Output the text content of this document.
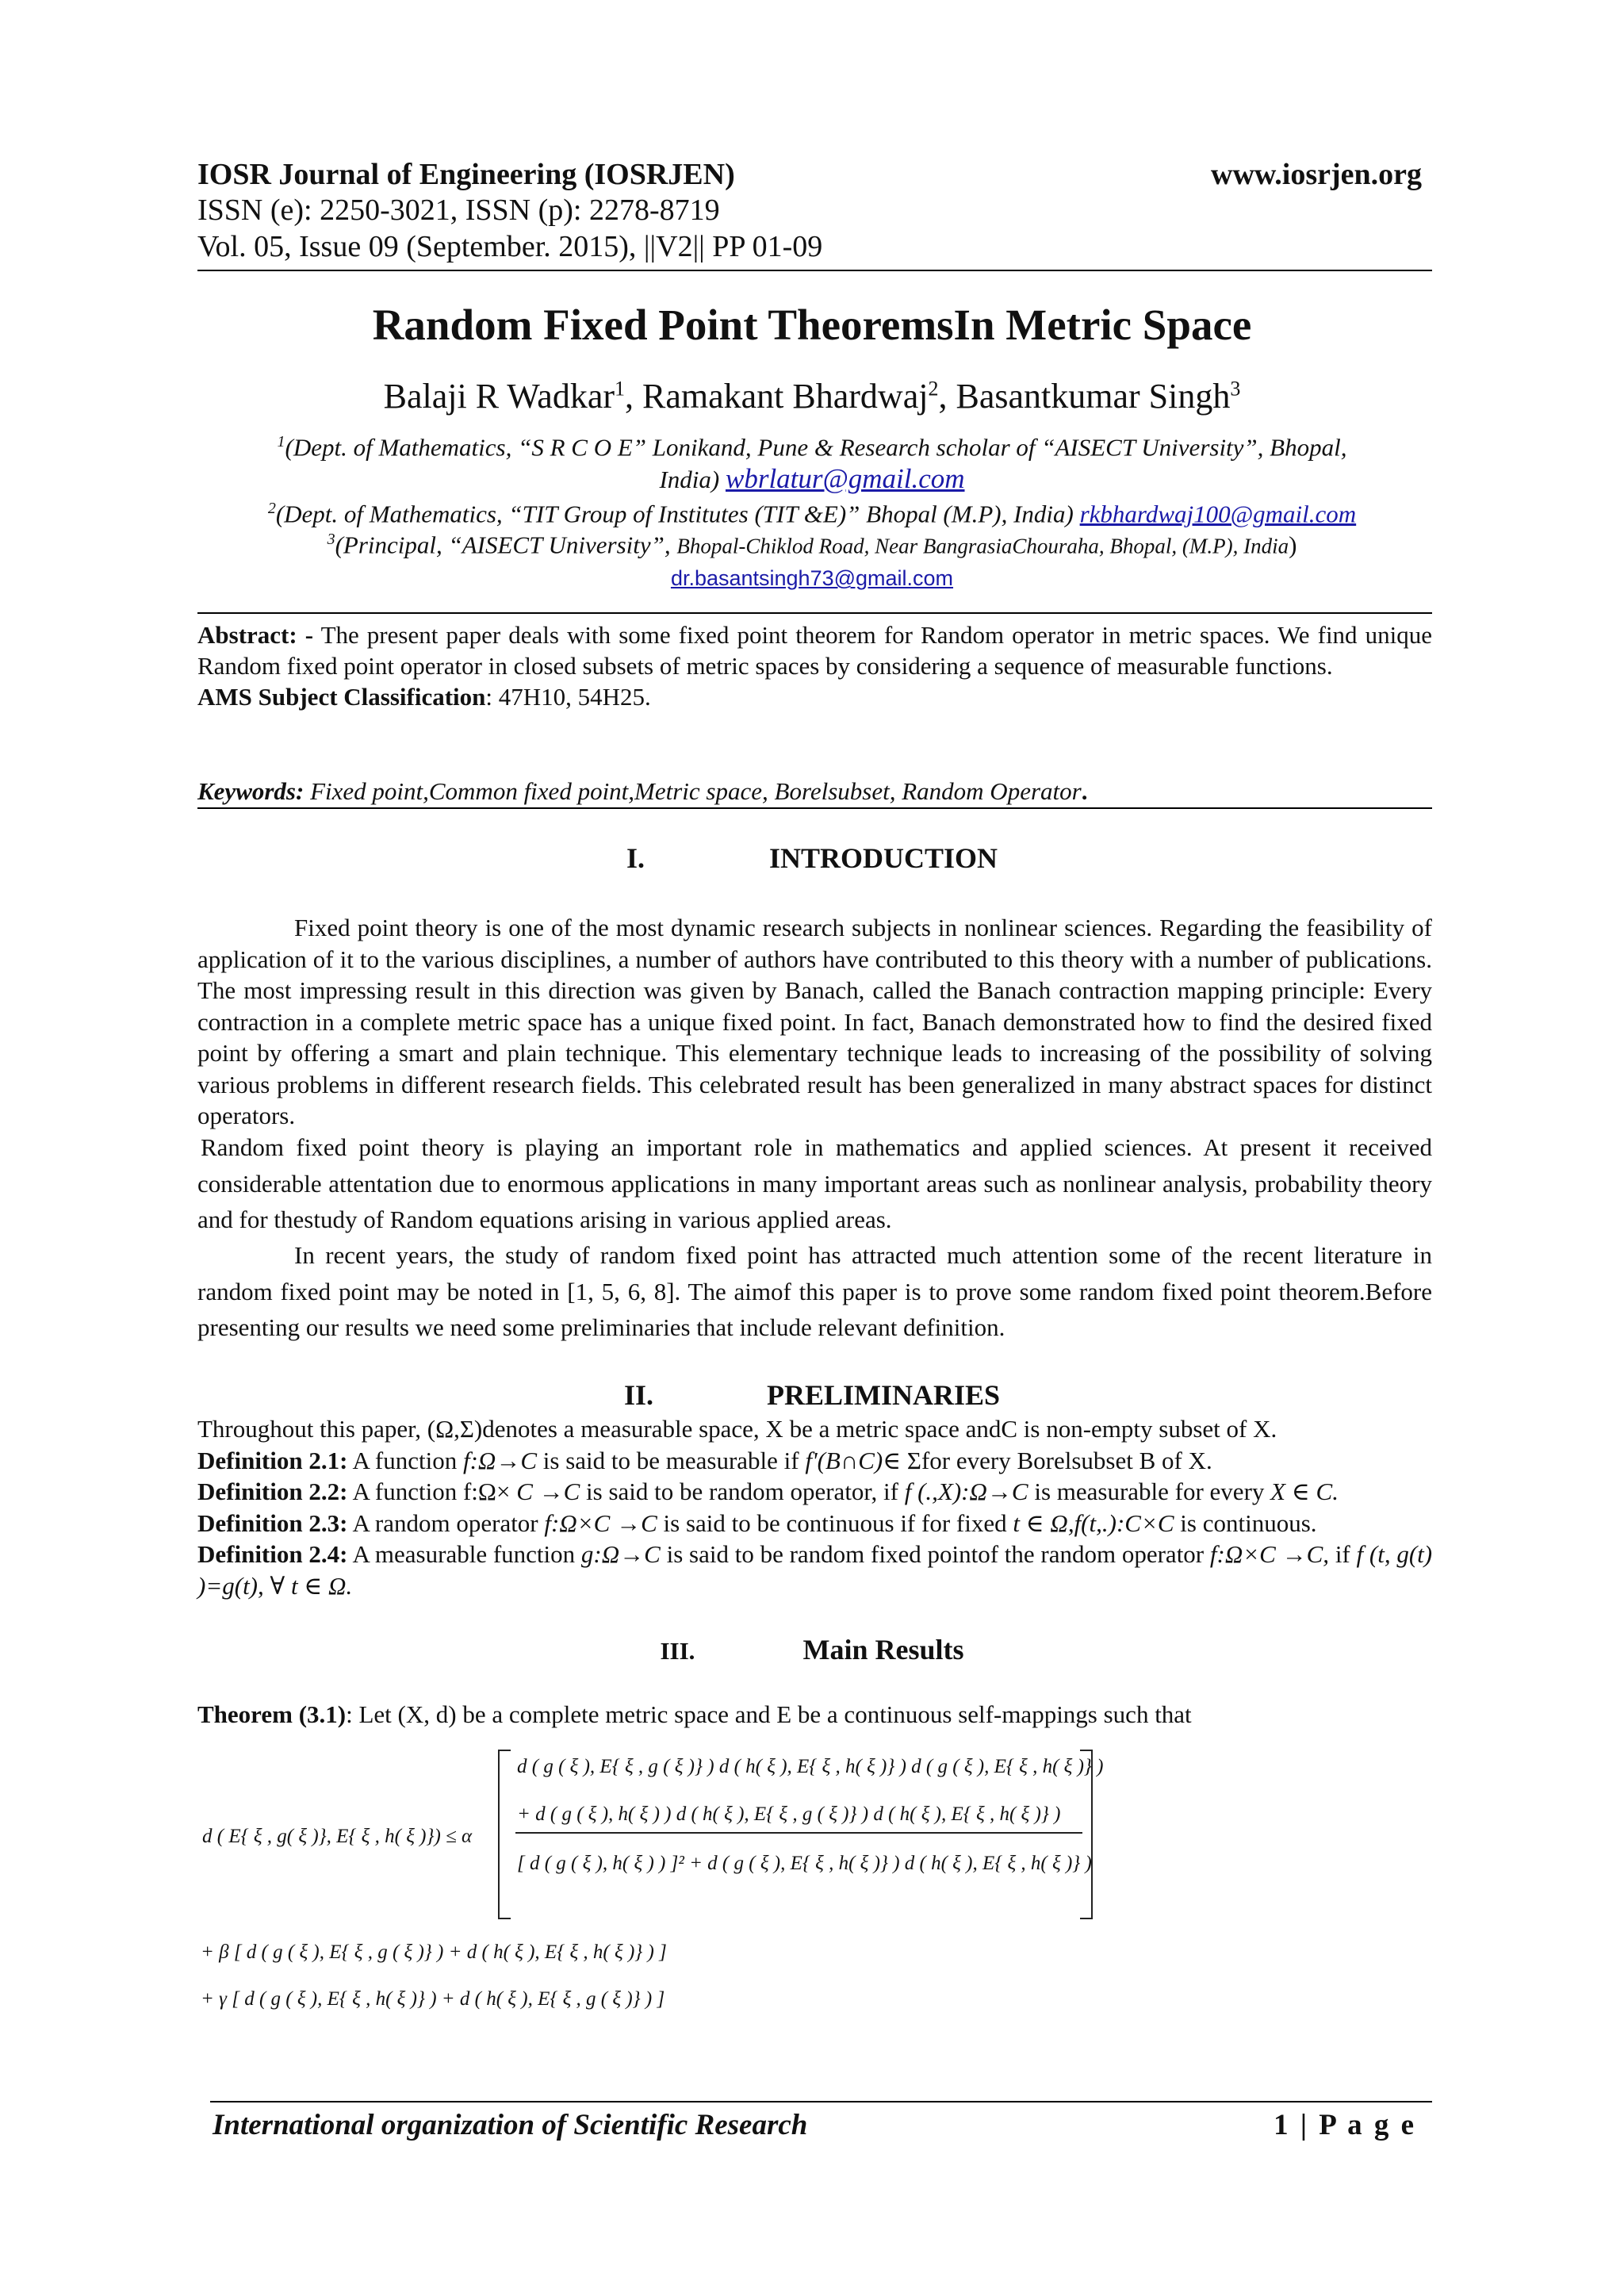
IOSR Journal of Engineering (IOSRJEN)	www.iosrjen.org
ISSN (e): 2250-3021, ISSN (p): 2278-8719
Vol. 05, Issue 09 (September. 2015), ||V2|| PP 01-09
Random Fixed Point TheoremsIn Metric Space
Balaji R Wadkar$^1$, Ramakant Bhardwaj$^2$, Basantkumar Singh$^3$
$^1$(Dept. of Mathematics, “S R C O E” Lonikand, Pune & Research scholar of “AISECT University”, Bhopal,
India) wbrlatur@gmail.com
$^2$(Dept. of Mathematics, “TIT Group of Institutes (TIT &E)” Bhopal (M.P), India) rkbhardwaj100@gmail.com
$^3$(Principal, “AISECT University”, Bhopal-Chiklod Road, Near BangrasiaChouraha, Bhopal, (M.P), India)
dr.basantsingh73@gmail.com
Abstract: - The present paper deals with some fixed point theorem for Random operator in metric spaces. We find unique Random fixed point operator in closed subsets of metric spaces by considering a sequence of measurable functions.
AMS Subject Classification: 47H10, 54H25.
Keywords: Fixed point,Common fixed point,Metric space, Borelsubset, Random Operator.
I.	INTRODUCTION
Fixed point theory is one of the most dynamic research subjects in nonlinear sciences. Regarding the feasibility of application of it to the various disciplines, a number of authors have contributed to this theory with a number of publications. The most impressing result in this direction was given by Banach, called the Banach contraction mapping principle: Every contraction in a complete metric space has a unique fixed point. In fact, Banach demonstrated how to find the desired fixed point by offering a smart and plain technique. This elementary technique leads to increasing of the possibility of solving various problems in different research fields. This celebrated result has been generalized in many abstract spaces for distinct operators.
Random fixed point theory is playing an important role in mathematics and applied sciences. At present it received considerable attentation due to enormous applications in many important areas such as nonlinear analysis, probability theory and for thestudy of Random equations arising in various applied areas.
In recent years, the study of random fixed point has attracted much attention some of the recent literature in random fixed point may be noted in [1, 5, 6, 8]. The aimof this paper is to prove some random fixed point theorem.Before presenting our results we need some preliminaries that include relevant definition.
II.	PRELIMINARIES
Throughout this paper, (Ω,Σ)denotes a measurable space, X be a metric space andC is non-empty subset of X.
Definition 2.1: A function f:Ω→C is said to be measurable if f'(B∩C)∈ Σfor every Borelsubset B of X.
Definition 2.2: A function f:Ω× C →C is said to be random operator, if f (.,X):Ω→C is measurable for every X ∈ C.
Definition 2.3: A random operator f:Ω×C →C is said to be continuous if for fixed t ∈ Ω,f(t,.):C×C is continuous.
Definition 2.4: A measurable function g:Ω→C is said to be random fixed pointof the random operator f:Ω×C →C, if f (t, g(t) )=g(t), ∀ t ∈ Ω.
III.	Main Results
Theorem (3.1): Let (X, d) be a complete metric space and E be a continuous self-mappings such that
d ( E{ ξ , g( ξ )}, E{ ξ , h( ξ )}) ≤ α
d ( g ( ξ ), E{ ξ , g ( ξ )} ) d ( h( ξ ), E{ ξ , h( ξ )} ) d ( g ( ξ ), E{ ξ , h( ξ )} )
+ d ( g ( ξ ), h( ξ ) ) d ( h( ξ ), E{ ξ , g ( ξ )} ) d ( h( ξ ), E{ ξ , h( ξ )} )
[ d ( g ( ξ ), h( ξ ) ) ]² + d ( g ( ξ ), E{ ξ , h( ξ )} ) d ( h( ξ ), E{ ξ , h( ξ )} )
+ β [ d ( g ( ξ ), E{ ξ , g ( ξ )} ) + d ( h( ξ ), E{ ξ , h( ξ )} ) ]
+ γ [ d ( g ( ξ ), E{ ξ , h( ξ )} ) + d ( h( ξ ), E{ ξ , g ( ξ )} ) ]
International organization of Scientific Research	1 | P a g e
